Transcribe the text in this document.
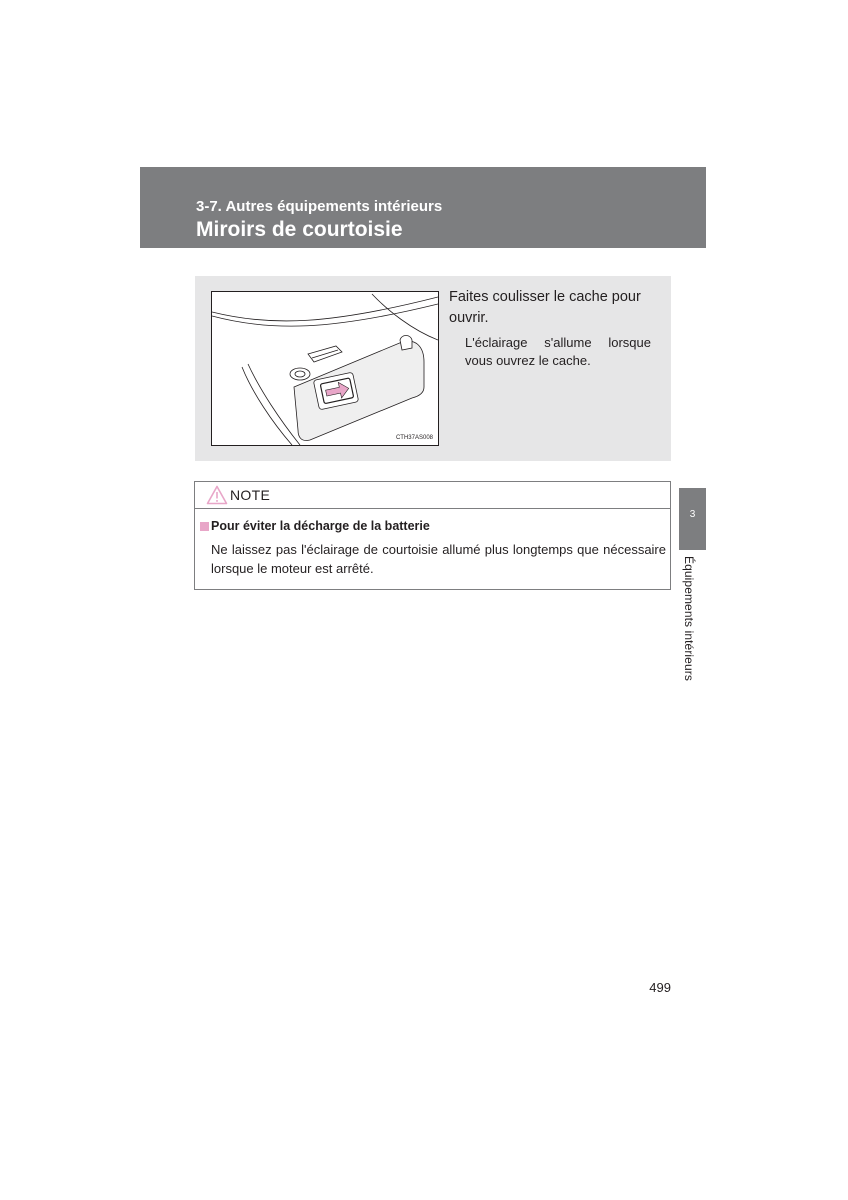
3-7. Autres équipements intérieurs
Miroirs de courtoisie
CTH37AS008
Faites coulisser le cache pour ouvrir.
L'éclairage s'allume lorsque vous ouvrez le cache.
NOTE
Pour éviter la décharge de la batterie
Ne laissez pas l'éclairage de courtoisie allumé plus longtemps que nécessaire lorsque le moteur est arrêté.
3
Équipements intérieurs
499
